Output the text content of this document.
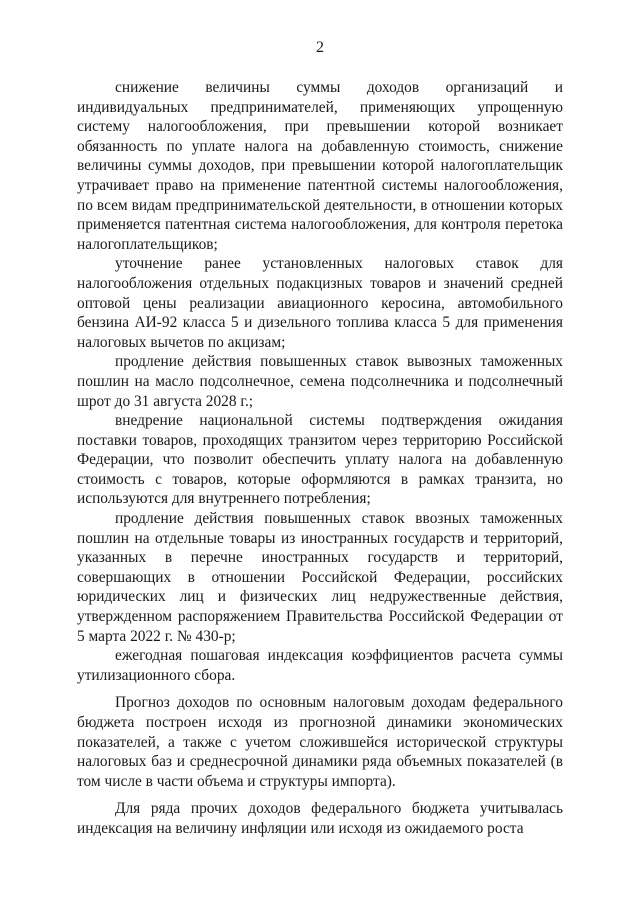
2

снижение величины суммы доходов организаций и индивидуальных предпринимателей, применяющих упрощенную систему налогообложения, при превышении которой возникает обязанность по уплате налога на добавленную стоимость, снижение величины суммы доходов, при превышении которой налогоплательщик утрачивает право на применение патентной системы налогообложения, по всем видам предпринимательской деятельности, в отношении которых применяется патентная система налогообложения, для контроля перетока налогоплательщиков;

уточнение ранее установленных налоговых ставок для налогообложения отдельных подакцизных товаров и значений средней оптовой цены реализации авиационного керосина, автомобильного бензина АИ-92 класса 5 и дизельного топлива класса 5 для применения налоговых вычетов по акцизам;

продление действия повышенных ставок вывозных таможенных пошлин на масло подсолнечное, семена подсолнечника и подсолнечный шрот до 31 августа 2028 г.;

внедрение национальной системы подтверждения ожидания поставки товаров, проходящих транзитом через территорию Российской Федерации, что позволит обеспечить уплату налога на добавленную стоимость с товаров, которые оформляются в рамках транзита, но используются для внутреннего потребления;

продление действия повышенных ставок ввозных таможенных пошлин на отдельные товары из иностранных государств и территорий, указанных в перечне иностранных государств и территорий, совершающих в отношении Российской Федерации, российских юридических лиц и физических лиц недружественные действия, утвержденном распоряжением Правительства Российской Федерации от 5 марта 2022 г. № 430-р;

ежегодная пошаговая индексация коэффициентов расчета суммы утилизационного сбора.

Прогноз доходов по основным налоговым доходам федерального бюджета построен исходя из прогнозной динамики экономических показателей, а также с учетом сложившейся исторической структуры налоговых баз и среднесрочной динамики ряда объемных показателей (в том числе в части объема и структуры импорта).

Для ряда прочих доходов федерального бюджета учитывалась индексация на величину инфляции или исходя из ожидаемого роста
